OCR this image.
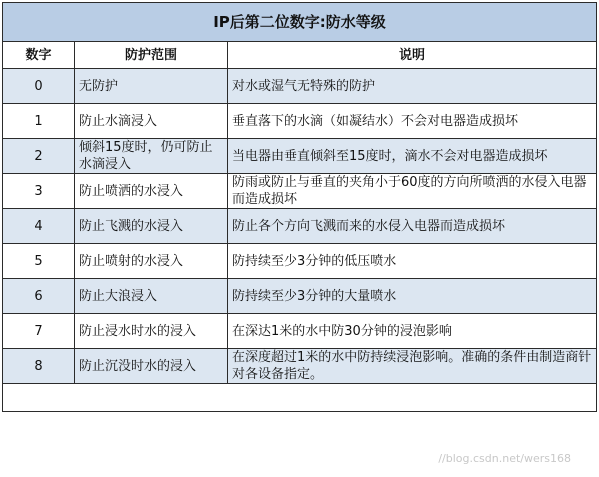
IP后第二位数字:防水等级		
数字	防护范围	说明
0	无防护	对水或湿气无特殊的防护
1	防止水滴浸入	垂直落下的水滴（如凝结水）不会对电器造成损坏
2	倾斜15度时，仍可防止水滴浸入	当电器由垂直倾斜至15度时，滴水不会对电器造成损坏
3	防止喷洒的水浸入	防雨或防止与垂直的夹角小于60度的方向所喷洒的水侵入电器而造成损坏
4	防止飞溅的水浸入	防止各个方向飞溅而来的水侵入电器而造成损坏
5	防止喷射的水浸入	防持续至少3分钟的低压喷水
6	防止大浪浸入	防持续至少3分钟的大量喷水
7	防止浸水时水的浸入	在深达1米的水中防30分钟的浸泡影响
8	防止沉没时水的浸入	在深度超过1米的水中防持续浸泡影响。准确的条件由制造商针对各设备指定。

//blog.csdn.net/wers168
